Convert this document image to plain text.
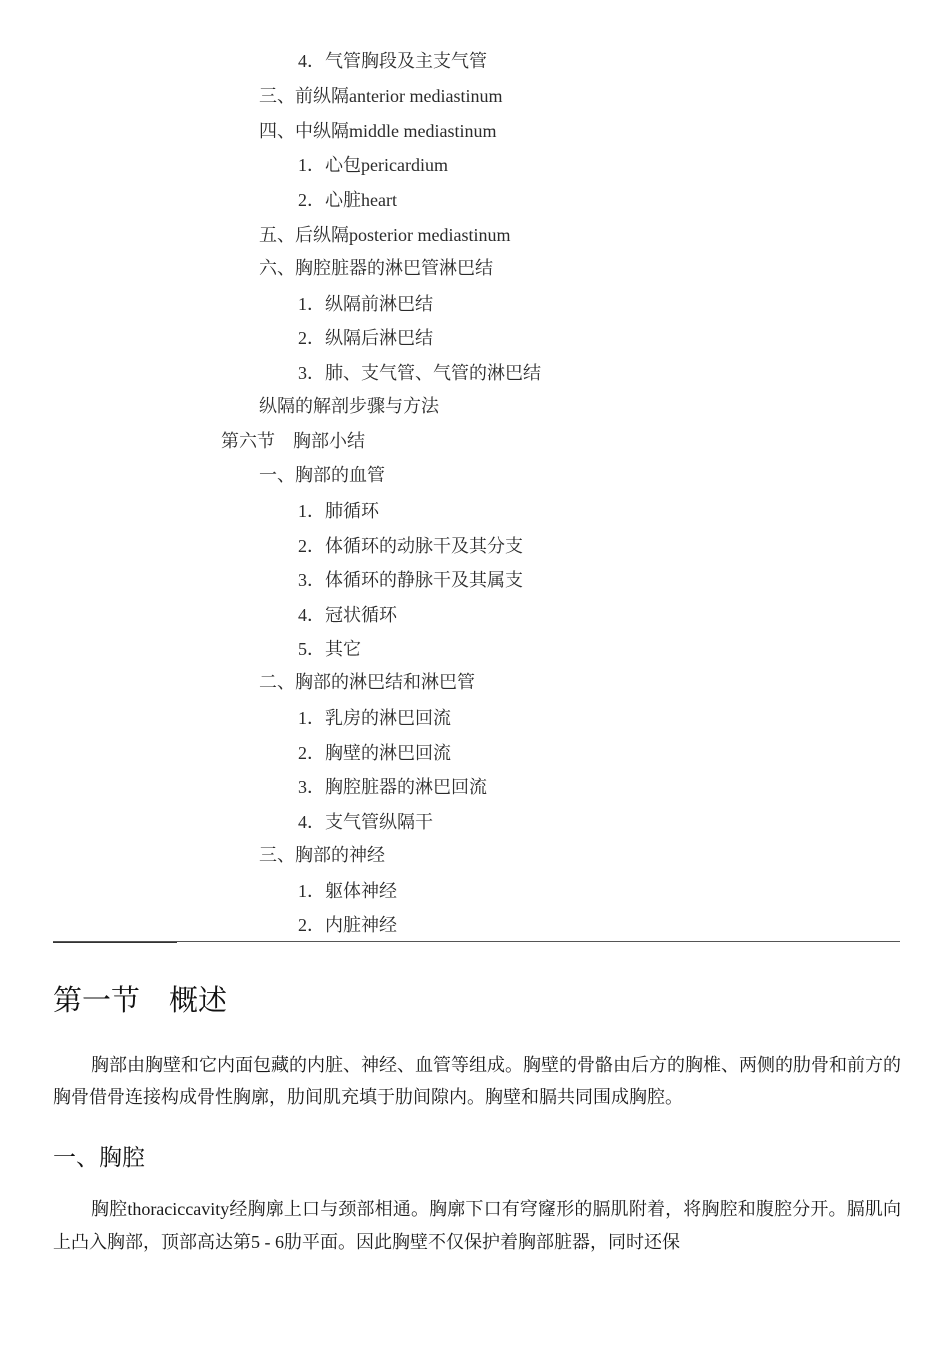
4．气管胸段及主支气管
三、前纵隔anterior mediastinum
四、中纵隔middle mediastinum
1．心包pericardium
2．心脏heart
五、后纵隔posterior mediastinum
六、胸腔脏器的淋巴管淋巴结
1．纵隔前淋巴结
2．纵隔后淋巴结
3．肺、支气管、气管的淋巴结
纵隔的解剖步骤与方法
第六节　胸部小结
一、胸部的血管
1．肺循环
2．体循环的动脉干及其分支
3．体循环的静脉干及其属支
4．冠状循环
5．其它
二、胸部的淋巴结和淋巴管
1．乳房的淋巴回流
2．胸壁的淋巴回流
3．胸腔脏器的淋巴回流
4．支气管纵隔干
三、胸部的神经
1．躯体神经
2．内脏神经
第一节　概述
胸部由胸壁和它内面包藏的内脏、神经、血管等组成。胸壁的骨骼由后方的胸椎、两侧的肋骨和前方的胸骨借骨连接构成骨性胸廓，肋间肌充填于肋间隙内。胸壁和膈共同围成胸腔。
一、胸腔
胸腔thoraciccavity经胸廓上口与颈部相通。胸廓下口有穹窿形的膈肌附着，将胸腔和腹腔分开。膈肌向上凸入胸部，顶部高达第5 - 6肋平面。因此胸壁不仅保护着胸部脏器，同时还保
